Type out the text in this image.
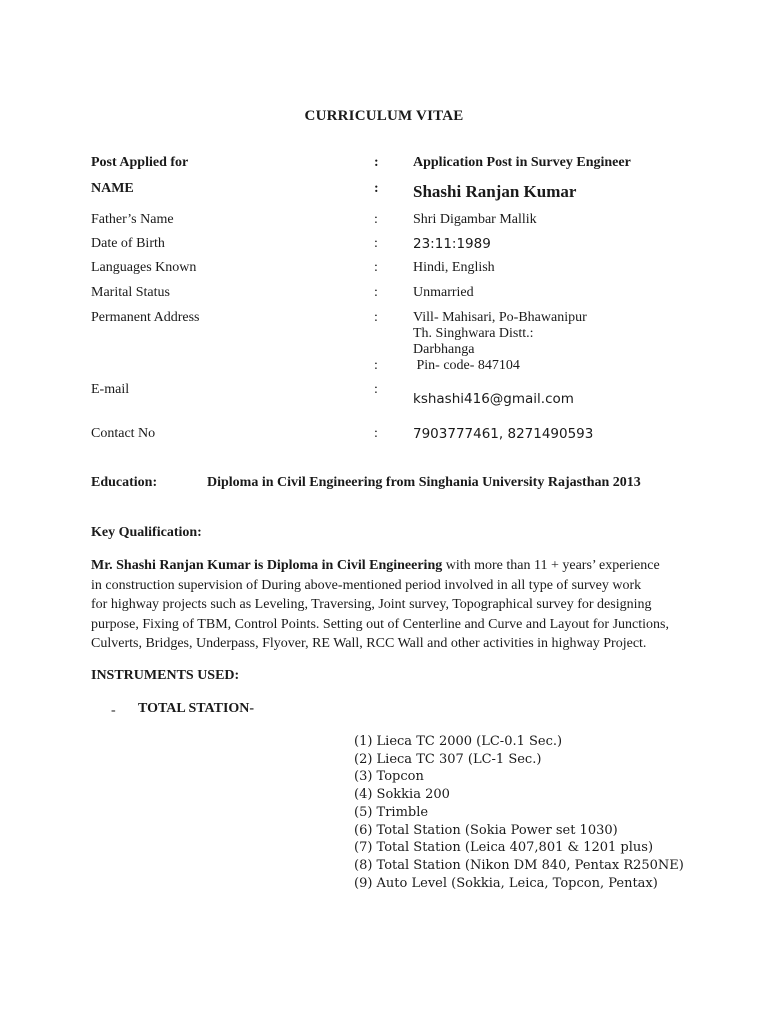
CURRICULUM VITAE
Post Applied for	: Application Post in Survey Engineer
NAME	: Shashi Ranjan Kumar
Father’s Name	:	Shri Digambar Mallik
Date of Birth	:	23:11:1989
Languages Known	:	Hindi, English
Marital Status	:	Unmarried
Permanent Address	:	Vill- Mahisari, Po-Bhawanipur
Th. Singhwara Distt.:
Darbhanga
:	Pin- code- 847104
E-mail	:
kshashi416@gmail.com
Contact No	:	7903777461, 8271490593
Education:	Diploma in Civil Engineering from Singhania University Rajasthan 2013
Key Qualification:
Mr. Shashi Ranjan Kumar is Diploma in Civil Engineering with more than 11 + years’ experience
in construction supervision of During above-mentioned period involved in all type of survey work
for highway projects such as Leveling, Traversing, Joint survey, Topographical survey for designing
purpose, Fixing of TBM, Control Points. Setting out of Centerline and Curve and Layout for Junctions,
Culverts, Bridges, Underpass, Flyover, RE Wall, RCC Wall and other activities in highway Project.
INSTRUMENTS USED:
- TOTAL STATION-
(1) Lieca TC 2000 (LC-0.1 Sec.)
(2) Lieca TC 307 (LC-1 Sec.)
(3) Topcon
(4) Sokkia 200
(5) Trimble
(6) Total Station (Sokia Power set 1030)
(7) Total Station (Leica 407,801 & 1201 plus)
(8) Total Station (Nikon DM 840, Pentax R250NE)
(9) Auto Level (Sokkia, Leica, Topcon, Pentax)
